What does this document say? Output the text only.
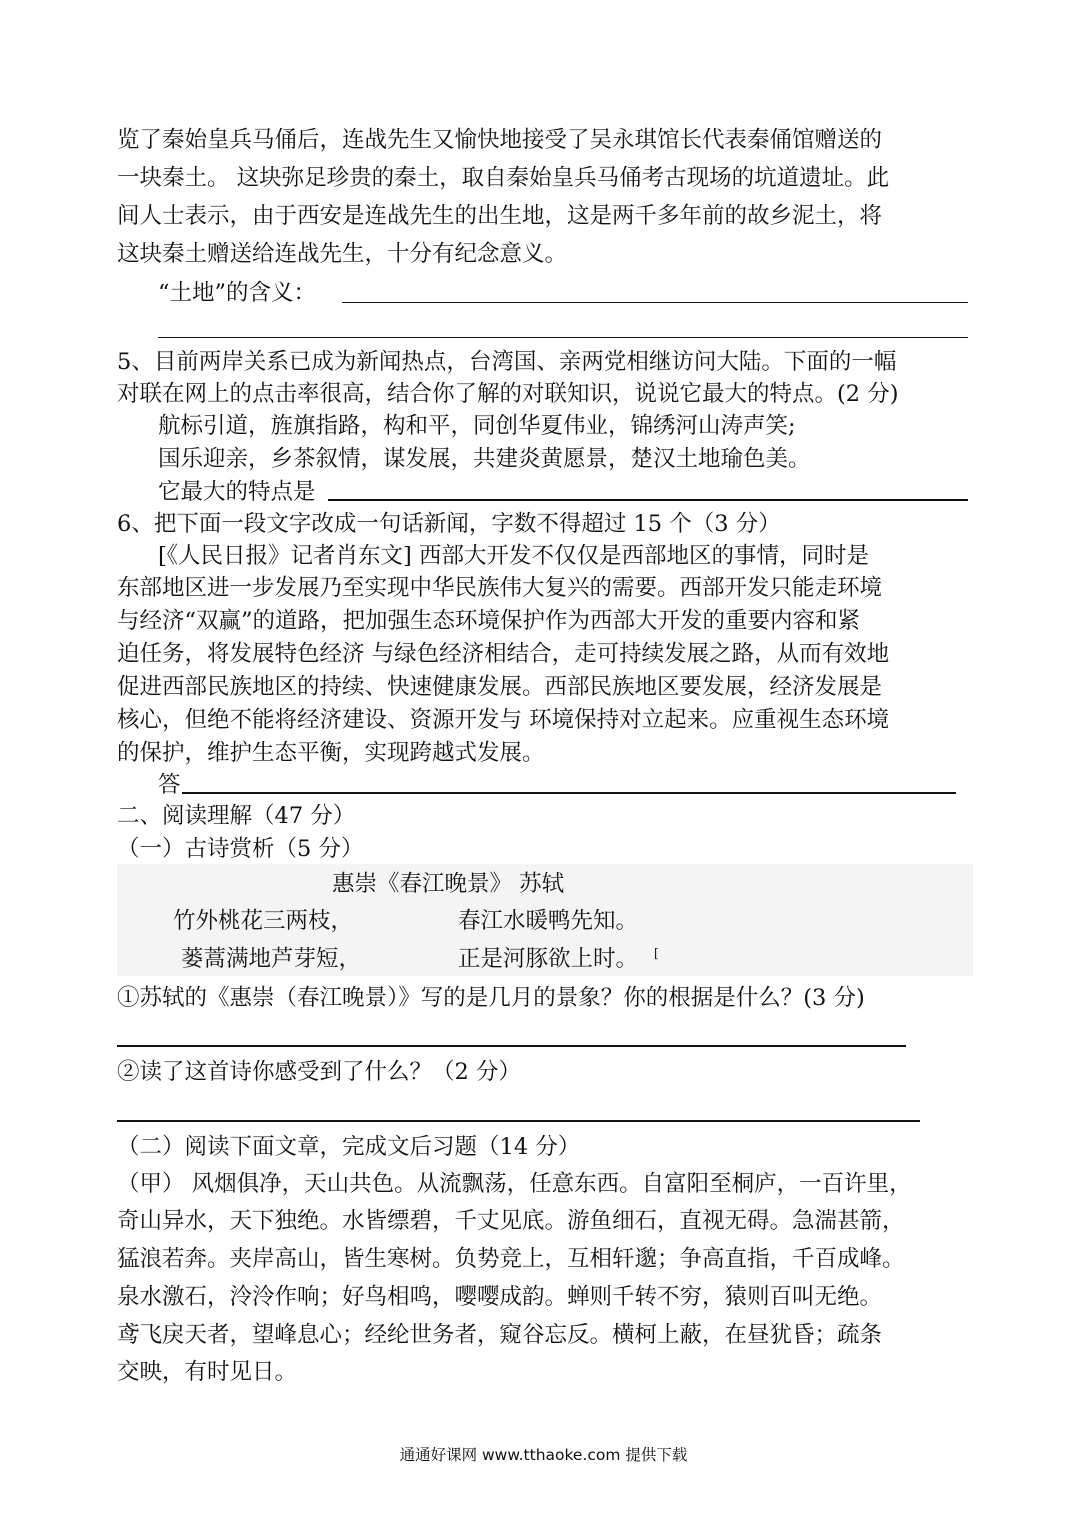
览了秦始皇兵马俑后，连战先生又愉快地接受了吴永琪馆长代表秦俑馆赠送的
一块秦土。 这块弥足珍贵的秦土，取自秦始皇兵马俑考古现场的坑道遗址。此
间人士表示，由于西安是连战先生的出生地，这是两千多年前的故乡泥土，将
这块秦土赠送给连战先生，十分有纪念意义。
“土地”的含义：
5、目前两岸关系已成为新闻热点，台湾国、亲两党相继访问大陆。下面的一幅
对联在网上的点击率很高，结合你了解的对联知识，说说它最大的特点。(2 分)
航标引道，旌旗指路，构和平，同创华夏伟业，锦绣河山涛声笑;
国乐迎亲，乡茶叙情，谋发展，共建炎黄愿景，楚汉土地瑜色美。
它最大的特点是
6、把下面一段文字改成一句话新闻，字数不得超过 15 个（3 分）
[《人民日报》记者肖东文] 西部大开发不仅仅是西部地区的事情，同时是
东部地区进一步发展乃至实现中华民族伟大复兴的需要。西部开发只能走环境
与经济“双赢”的道路，把加强生态环境保护作为西部大开发的重要内容和紧
迫任务，将发展特色经济 与绿色经济相结合，走可持续发展之路，从而有效地
促进西部民族地区的持续、快速健康发展。西部民族地区要发展，经济发展是
核心，但绝不能将经济建设、资源开发与 环境保持对立起来。应重视生态环境
的保护，维护生态平衡，实现跨越式发展。
答
二、阅读理解（47 分）
（一）古诗赏析（5 分）
惠崇《春江晚景》 苏轼
竹外桃花三两枝，	春江水暖鸭先知。
蒌蒿满地芦芽短，	正是河豚欲上时。 [
①苏轼的《惠崇（春江晚景）》写的是几月的景象？你的根据是什么？(3 分)
②读了这首诗你感受到了什么？（2 分）
（二）阅读下面文章，完成文后习题（14 分）
（甲） 风烟俱净，天山共色。从流飘荡，任意东西。自富阳至桐庐，一百许里，
奇山异水，天下独绝。水皆缥碧，千丈见底。游鱼细石，直视无碍。急湍甚箭，
猛浪若奔。夹岸高山，皆生寒树。负势竞上，互相轩邈；争高直指，千百成峰。
泉水激石，泠泠作响；好鸟相鸣，嘤嘤成韵。蝉则千转不穷，猿则百叫无绝。
鸢飞戾天者，望峰息心；经纶世务者，窥谷忘反。横柯上蔽，在昼犹昏；疏条
交映，有时见日。
通通好课网 www.tthaoke.com 提供下载
